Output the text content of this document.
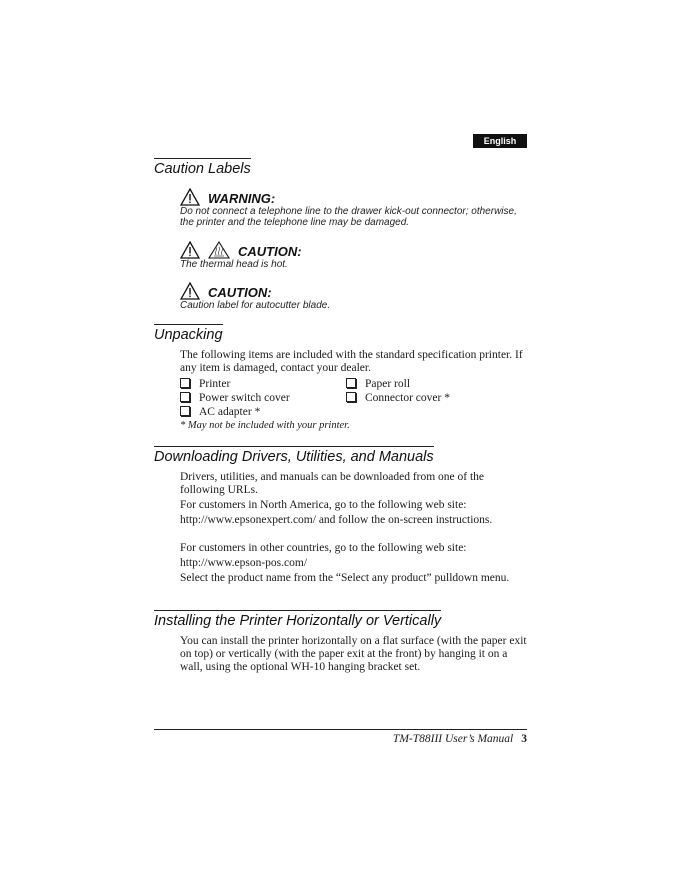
English
Caution Labels
WARNING:
Do not connect a telephone line to the drawer kick-out connector; otherwise, the printer and the telephone line may be damaged.
CAUTION:
The thermal head is hot.
CAUTION:
Caution label for autocutter blade.
Unpacking
The following items are included with the standard specification printer. If any item is damaged, contact your dealer.
Printer	Paper roll
Power switch cover	Connector cover *
AC adapter *
* May not be included with your printer.
Downloading Drivers, Utilities, and Manuals
Drivers, utilities, and manuals can be downloaded from one of the following URLs.
For customers in North America, go to the following web site:
http://www.epsonexpert.com/ and follow the on-screen instructions.
For customers in other countries, go to the following web site:
http://www.epson-pos.com/
Select the product name from the “Select any product” pulldown menu.
Installing the Printer Horizontally or Vertically
You can install the printer horizontally on a flat surface (with the paper exit on top) or vertically (with the paper exit at the front) by hanging it on a wall, using the optional WH-10 hanging bracket set.
TM-T88III User’s Manual 3
